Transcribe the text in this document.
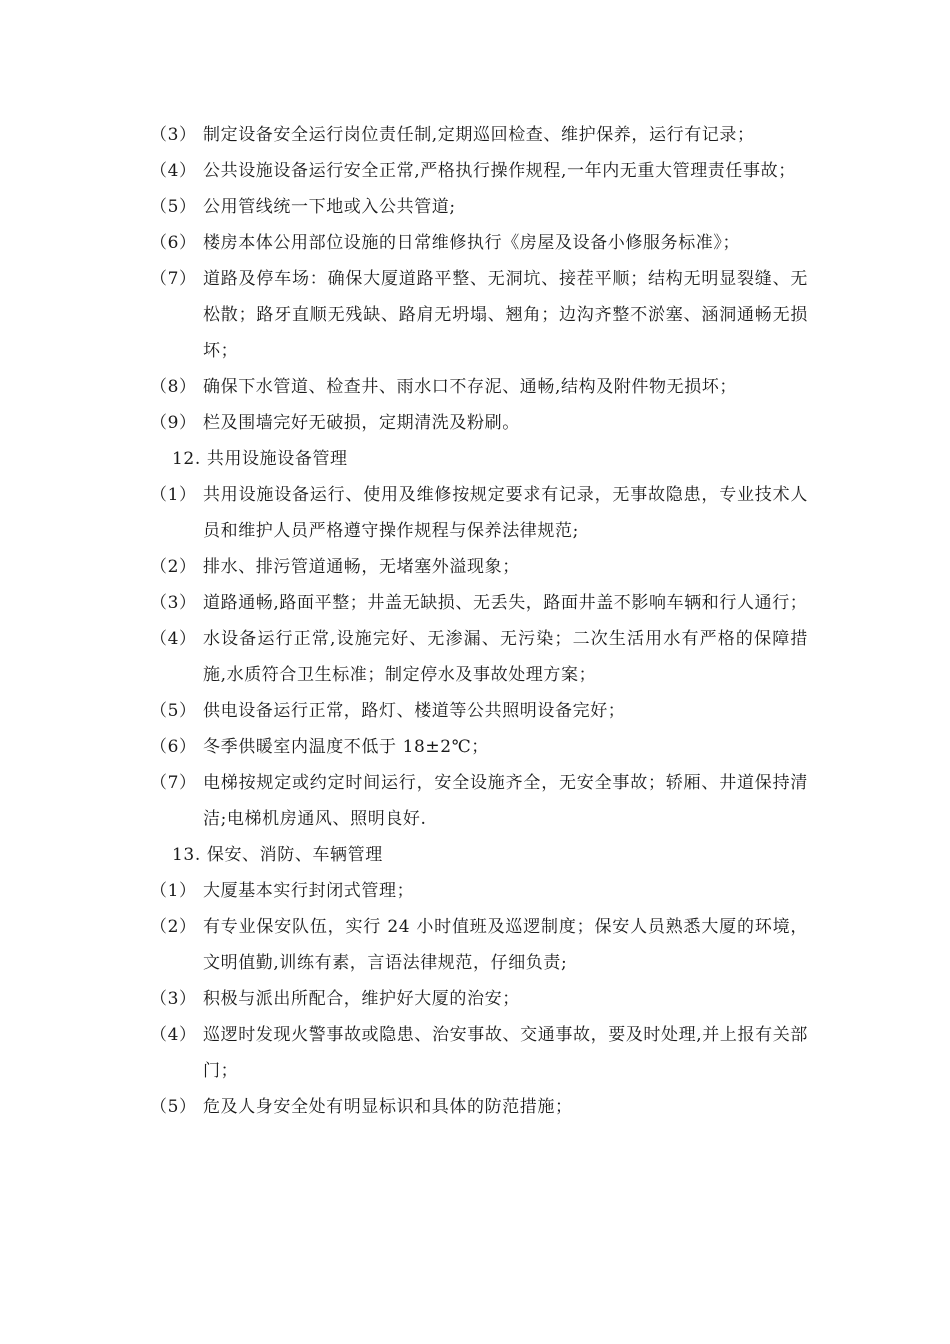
（3） 制定设备安全运行岗位责任制,定期巡回检查、维护保养，运行有记录；
（4） 公共设施设备运行安全正常,严格执行操作规程,一年内无重大管理责任事故；
（5） 公用管线统一下地或入公共管道;
（6） 楼房本体公用部位设施的日常维修执行《房屋及设备小修服务标准》；
（7） 道路及停车场：确保大厦道路平整、无洞坑、接茬平顺；结构无明显裂缝、无松散；路牙直顺无残缺、路肩无坍塌、翘角；边沟齐整不淤塞、涵洞通畅无损坏；
（8） 确保下水管道、检查井、雨水口不存泥、通畅,结构及附件物无损坏；
（9） 栏及围墙完好无破损，定期清洗及粉刷。
12. 共用设施设备管理
（1） 共用设施设备运行、使用及维修按规定要求有记录，无事故隐患，专业技术人员和维护人员严格遵守操作规程与保养法律规范;
（2） 排水、排污管道通畅，无堵塞外溢现象；
（3） 道路通畅,路面平整；井盖无缺损、无丢失，路面井盖不影响车辆和行人通行；
（4） 水设备运行正常,设施完好、无渗漏、无污染；二次生活用水有严格的保障措施,水质符合卫生标准；制定停水及事故处理方案；
（5） 供电设备运行正常，路灯、楼道等公共照明设备完好；
（6） 冬季供暖室内温度不低于 18±2℃；
（7） 电梯按规定或约定时间运行，安全设施齐全，无安全事故；轿厢、井道保持清洁;电梯机房通风、照明良好.
13. 保安、消防、车辆管理
（1） 大厦基本实行封闭式管理；
（2） 有专业保安队伍，实行 24 小时值班及巡逻制度；保安人员熟悉大厦的环境，文明值勤,训练有素，言语法律规范，仔细负责;
（3） 积极与派出所配合，维护好大厦的治安；
（4） 巡逻时发现火警事故或隐患、治安事故、交通事故，要及时处理,并上报有关部门；
（5） 危及人身安全处有明显标识和具体的防范措施；
